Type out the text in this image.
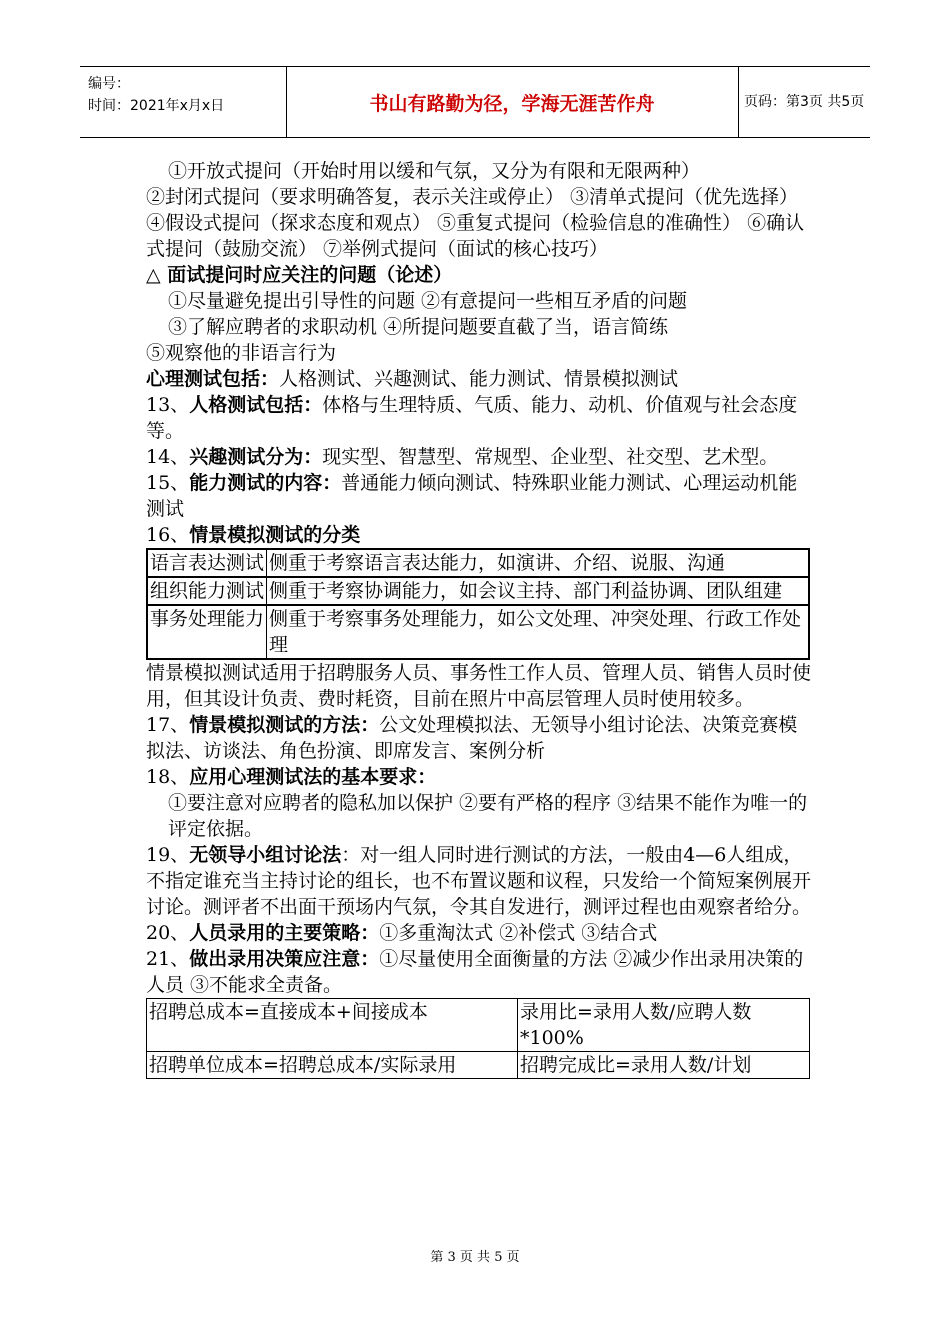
编号：
时间：2021年x月x日	书山有路勤为径，学海无涯苦作舟	页码：第3页 共5页

①开放式提问（开始时用以缓和气氛，又分为有限和无限两种）

②封闭式提问（要求明确答复，表示关注或停止） ③清单式提问（优先选择） ④假设式提问（探求态度和观点） ⑤重复式提问（检验信息的准确性） ⑥确认式提问（鼓励交流） ⑦举例式提问（面试的核心技巧）

△ 面试提问时应关注的问题（论述）

①尽量避免提出引导性的问题 ②有意提问一些相互矛盾的问题

③了解应聘者的求职动机 ④所提问题要直截了当，语言简练

⑤观察他的非语言行为

心理测试包括：人格测试、兴趣测试、能力测试、情景模拟测试

13、人格测试包括：体格与生理特质、气质、能力、动机、价值观与社会态度等。

14、兴趣测试分为：现实型、智慧型、常规型、企业型、社交型、艺术型。

15、能力测试的内容：普通能力倾向测试、特殊职业能力测试、心理运动机能测试

16、情景模拟测试的分类

语言表达测试	侧重于考察语言表达能力，如演讲、介绍、说服、沟通
组织能力测试	侧重于考察协调能力，如会议主持、部门利益协调、团队组建
事务处理能力	侧重于考察事务处理能力，如公文处理、冲突处理、行政工作处理

情景模拟测试适用于招聘服务人员、事务性工作人员、管理人员、销售人员时使用，但其设计负责、费时耗资，目前在照片中高层管理人员时使用较多。

17、情景模拟测试的方法：公文处理模拟法、无领导小组讨论法、决策竞赛模拟法、访谈法、角色扮演、即席发言、案例分析

18、应用心理测试法的基本要求：

①要注意对应聘者的隐私加以保护 ②要有严格的程序 ③结果不能作为唯一的评定依据。

19、无领导小组讨论法：对一组人同时进行测试的方法，一般由4—6人组成，不指定谁充当主持讨论的组长，也不布置议题和议程，只发给一个简短案例展开讨论。测评者不出面干预场内气氛，令其自发进行，测评过程也由观察者给分。

20、人员录用的主要策略：①多重淘汰式 ②补偿式 ③结合式

21、做出录用决策应注意：①尽量使用全面衡量的方法 ②减少作出录用决策的人员 ③不能求全责备。

招聘总成本=直接成本+间接成本	录用比=录用人数/应聘人数*100%
招聘单位成本=招聘总成本/实际录用	招聘完成比=录用人数/计划
第 3 页 共 5 页
